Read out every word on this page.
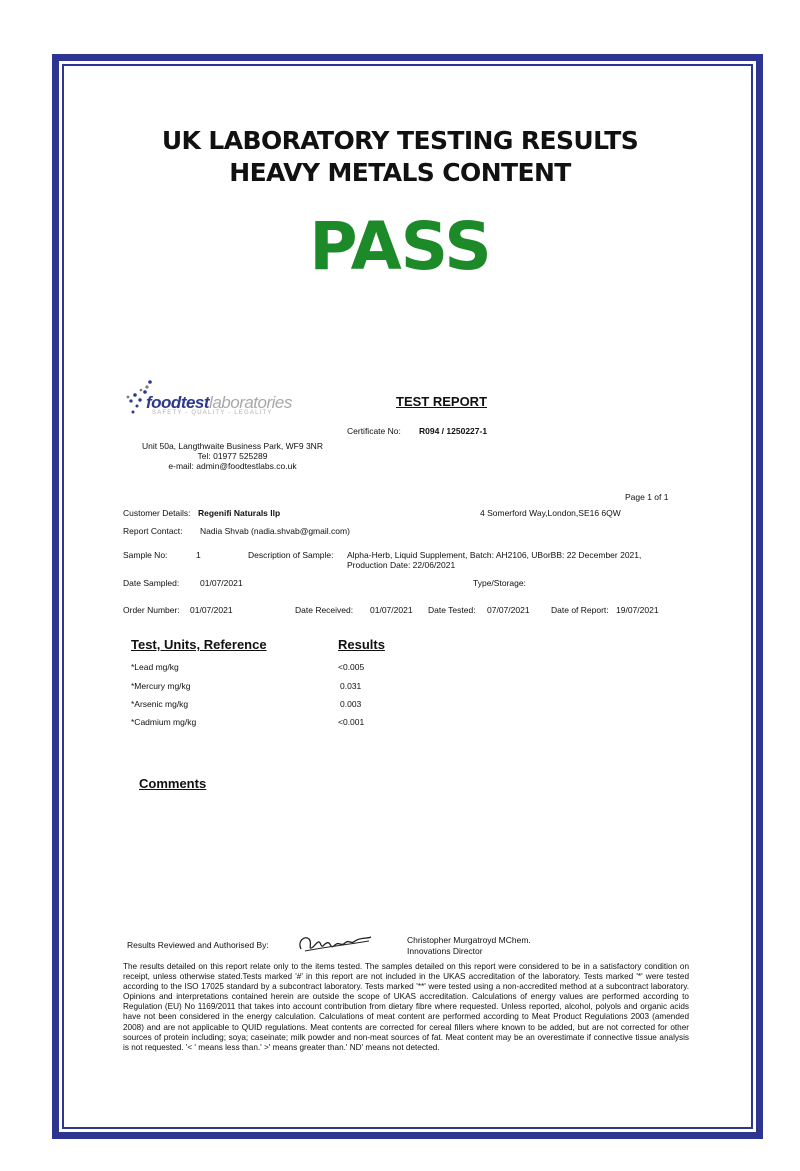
UK LABORATORY TESTING RESULTS
HEAVY METALS CONTENT
PASS
foodtestlaboratories
SAFETY - QUALITY - LEGALITY
Unit 50a, Langthwaite Business Park, WF9 3NR
Tel: 01977 525289
e-mail: admin@foodtestlabs.co.uk
TEST REPORT
Certificate No: R094 / 1250227-1
Page 1 of 1
Customer Details: Regenifi Naturals llp	4 Somerford Way,London,SE16 6QW
Report Contact: Nadia Shvab (nadia.shvab@gmail.com)
Sample No:	1	Description of Sample: Alpha-Herb, Liquid Supplement, Batch: AH2106, UBorBB: 22 December 2021,
Production Date: 22/06/2021
Date Sampled: 01/07/2021	Type/Storage:
Order Number: 01/07/2021	Date Received: 01/07/2021 Date Tested: 07/07/2021	Date of Report: 19/07/2021
Test, Units, Reference	Results
*Lead mg/kg	<0.005
*Mercury mg/kg	0.031
*Arsenic mg/kg	0.003
*Cadmium mg/kg	<0.001
Comments
Results Reviewed and Authorised By:	Christopher Murgatroyd MChem.
Innovations Director
The results detailed on this report relate only to the items tested. The samples detailed on this report were considered to be in a satisfactory condition on receipt, unless otherwise stated.Tests marked '#' in this report are not included in the UKAS accreditation of the laboratory. Tests marked '*' were tested according to the ISO 17025 standard by a subcontract laboratory. Tests marked '**' were tested using a non-accredited method at a subcontract laboratory. Opinions and interpretations contained herein are outside the scope of UKAS accreditation. Calculations of energy values are performed according to Regulation (EU) No 1169/2011 that takes into account contribution from dietary fibre where requested. Unless reported, alcohol, polyols and organic acids have not been considered in the energy calculation. Calculations of meat content are performed according to Meat Product Regulations 2003 (amended 2008) and are not applicable to QUID regulations. Meat contents are corrected for cereal fillers where known to be added, but are not corrected for other sources of protein including; soya; caseinate; milk powder and non-meat sources of fat. Meat content may be an overestimate if connective tissue analysis is not requested. '< ' means less than.' >' means greater than.' ND' means not detected.
